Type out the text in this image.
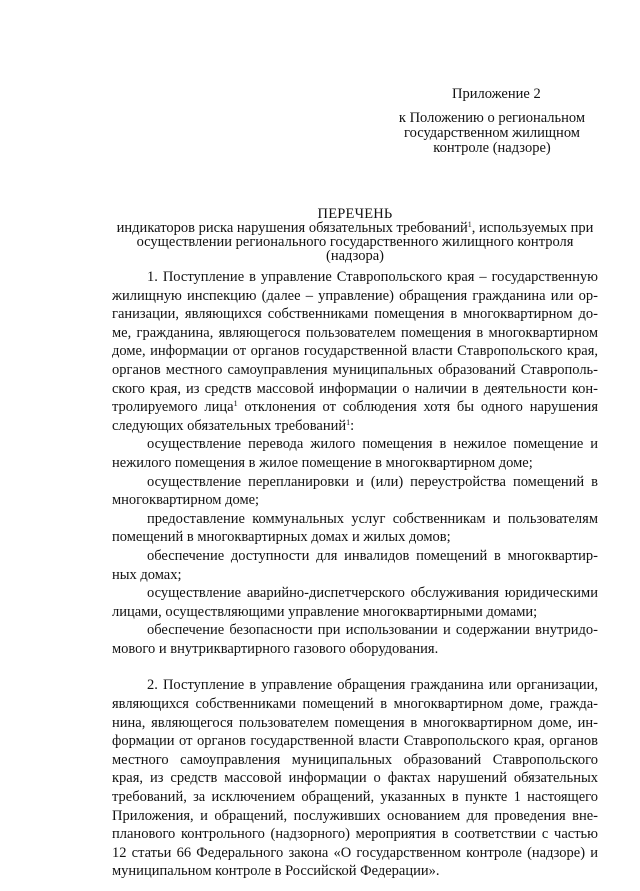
Приложение 2
к Положению о региональном
государственном жилищном
контроле (надзоре)
ПЕРЕЧЕНЬ
индикаторов риска нарушения обязательных требований$^1$, используемых при
осуществлении регионального государственного жилищного контроля
(надзора)
1. Поступление в управление Ставропольского края – государственную
жилищную инспекцию (далее – управление) обращения гражданина или ор-
ганизации, являющихся собственниками помещения в многоквартирном до-
ме, гражданина, являющегося пользователем помещения в многоквартирном
доме, информации от органов государственной власти Ставропольского края,
органов местного самоуправления муниципальных образований Ставрополь-
ского края, из средств массовой информации о наличии в деятельности кон-
тролируемого лица$^1$ отклонения от соблюдения хотя бы одного нарушения
следующих обязательных требований$^1$:
осуществление перевода жилого помещения в нежилое помещение и
нежилого помещения в жилое помещение в многоквартирном доме;
осуществление перепланировки и (или) переустройства помещений в
многоквартирном доме;
предоставление коммунальных услуг собственникам и пользователям
помещений в многоквартирных домах и жилых домов;
обеспечение доступности для инвалидов помещений в многоквартир-
ных домах;
осуществление аварийно-диспетчерского обслуживания юридическими
лицами, осуществляющими управление многоквартирными домами;
обеспечение безопасности при использовании и содержании внутридо-
мового и внутриквартирного газового оборудования.
2. Поступление в управление обращения гражданина или организации,
являющихся собственниками помещений в многоквартирном доме, гражда-
нина, являющегося пользователем помещения в многоквартирном доме, ин-
формации от органов государственной власти Ставропольского края, органов
местного самоуправления муниципальных образований Ставропольского
края, из средств массовой информации о фактах нарушений обязательных
требований, за исключением обращений, указанных в пункте 1 настоящего
Приложения, и обращений, послуживших основанием для проведения вне-
планового контрольного (надзорного) мероприятия в соответствии с частью
12 статьи 66 Федерального закона «О государственном контроле (надзоре) и
муниципальном контроле в Российской Федерации».
